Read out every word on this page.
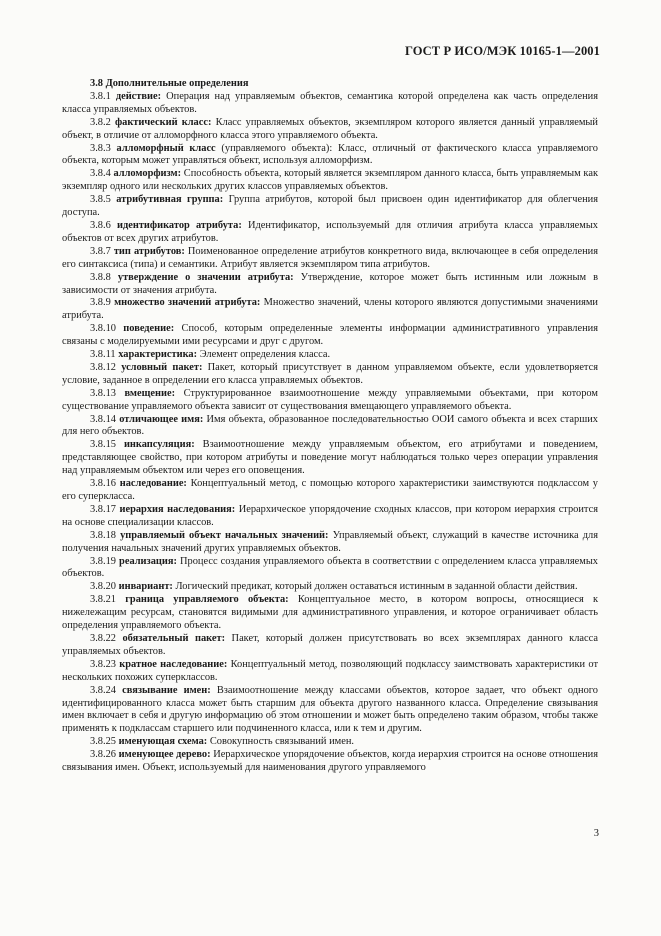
ГОСТ Р ИСО/МЭК 10165-1—2001

3.8 Дополнительные определения

3.8.1 действие: Операция над управляемым объектов, семантика которой определена как часть определения класса управляемых объектов.

3.8.2 фактический класс: Класс управляемых объектов, экземпляром которого является данный управляемый объект, в отличие от алломорфного класса этого управляемого объекта.

3.8.3 алломорфный класс (управляемого объекта): Класс, отличный от фактического класса управляемого объекта, которым может управляться объект, используя алломорфизм.

3.8.4 алломорфизм: Способность объекта, который является экземпляром данного класса, быть управляемым как экземпляр одного или нескольких других классов управляемых объектов.

3.8.5 атрибутивная группа: Группа атрибутов, которой был присвоен один идентификатор для облегчения доступа.

3.8.6 идентификатор атрибута: Идентификатор, используемый для отличия атрибута класса управляемых объектов от всех других атрибутов.

3.8.7 тип атрибутов: Поименованное определение атрибутов конкретного вида, включающее в себя определения его синтаксиса (типа) и семантики. Атрибут является экземпляром типа атрибутов.

3.8.8 утверждение о значении атрибута: Утверждение, которое может быть истинным или ложным в зависимости от значения атрибута.

3.8.9 множество значений атрибута: Множество значений, члены которого являются допустимыми значениями атрибута.

3.8.10 поведение: Способ, которым определенные элементы информации административного управления связаны с моделируемыми ими ресурсами и друг с другом.

3.8.11 характеристика: Элемент определения класса.

3.8.12 условный пакет: Пакет, который присутствует в данном управляемом объекте, если удовлетворяется условие, заданное в определении его класса управляемых объектов.

3.8.13 вмещение: Структурированное взаимоотношение между управляемыми объектами, при котором существование управляемого объекта зависит от существования вмещающего управляемого объекта.

3.8.14 отличающее имя: Имя объекта, образованное последовательностью ООИ самого объекта и всех старших для него объектов.

3.8.15 инкапсуляция: Взаимоотношение между управляемым объектом, его атрибутами и поведением, представляющее свойство, при котором атрибуты и поведение могут наблюдаться только через операции управления над управляемым объектом или через его оповещения.

3.8.16 наследование: Концептуальный метод, с помощью которого характеристики заимствуются подклассом у его суперкласса.

3.8.17 иерархия наследования: Иерархическое упорядочение сходных классов, при котором иерархия строится на основе специализации классов.

3.8.18 управляемый объект начальных значений: Управляемый объект, служащий в качестве источника для получения начальных значений других управляемых объектов.

3.8.19 реализация: Процесс создания управляемого объекта в соответствии с определением класса управляемых объектов.

3.8.20 инвариант: Логический предикат, который должен оставаться истинным в заданной области действия.

3.8.21 граница управляемого объекта: Концептуальное место, в котором вопросы, относящиеся к нижележащим ресурсам, становятся видимыми для административного управления, и которое ограничивает область определения управляемого объекта.

3.8.22 обязательный пакет: Пакет, который должен присутствовать во всех экземплярах данного класса управляемых объектов.

3.8.23 кратное наследование: Концептуальный метод, позволяющий подклассу заимствовать характеристики от нескольких похожих суперклассов.

3.8.24 связывание имен: Взаимоотношение между классами объектов, которое задает, что объект одного идентифицированного класса может быть старшим для объекта другого названного класса. Определение связывания имен включает в себя и другую информацию об этом отношении и может быть определено таким образом, чтобы также применять к подклассам старшего или подчиненного класса, или к тем и другим.

3.8.25 именующая схема: Совокупность связываний имен.

3.8.26 именующее дерево: Иерархическое упорядочение объектов, когда иерархия строится на основе отношения связывания имен. Объект, используемый для наименования другого управляемого

3
